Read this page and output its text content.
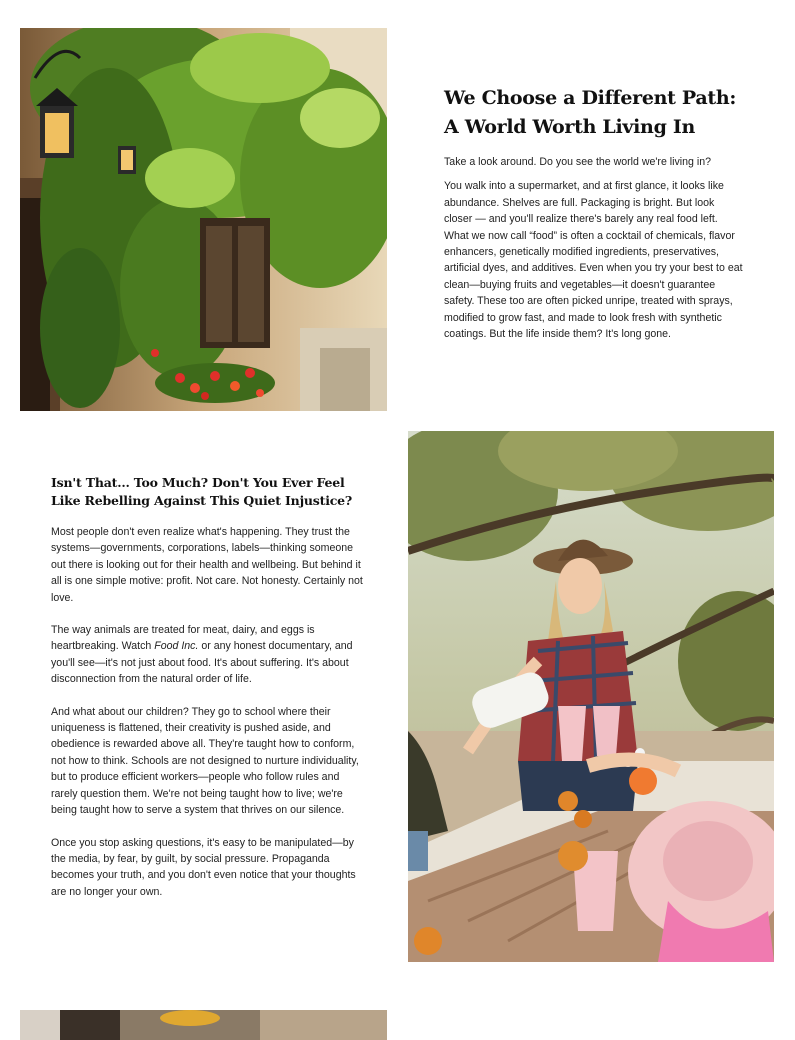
We Choose a Different Path: A World Worth Living In

Take a look around. Do you see the world we're living in?

You walk into a supermarket, and at first glance, it looks like abundance. Shelves are full. Packaging is bright. But look closer — and you'll realize there's barely any real food left. What we now call “food” is often a cocktail of chemicals, flavor enhancers, genetically modified ingredients, preservatives, artificial dyes, and additives. Even when you try your best to eat clean—buying fruits and vegetables—it doesn't guarantee safety. These too are often picked unripe, treated with sprays, modified to grow fast, and made to look fresh with synthetic coatings. But the life inside them? It's long gone.

Isn't That... Too Much? Don't You Ever Feel Like Rebelling Against This Quiet Injustice?

Most people don't even realize what's happening. They trust the systems—governments, corporations, labels—thinking someone out there is looking out for their health and wellbeing. But behind it all is one simple motive: profit. Not care. Not honesty. Certainly not love.

The way animals are treated for meat, dairy, and eggs is heartbreaking. Watch Food Inc. or any honest documentary, and you'll see—it's not just about food. It's about suffering. It's about disconnection from the natural order of life.

And what about our children? They go to school where their uniqueness is flattened, their creativity is pushed aside, and obedience is rewarded above all. They're taught how to conform, not how to think. Schools are not designed to nurture individuality, but to produce efficient workers—people who follow rules and rarely question them. We're not being taught how to live; we're being taught how to serve a system that thrives on our silence.

Once you stop asking questions, it's easy to be manipulated—by the media, by fear, by guilt, by social pressure. Propaganda becomes your truth, and you don't even notice that your thoughts are no longer your own.
